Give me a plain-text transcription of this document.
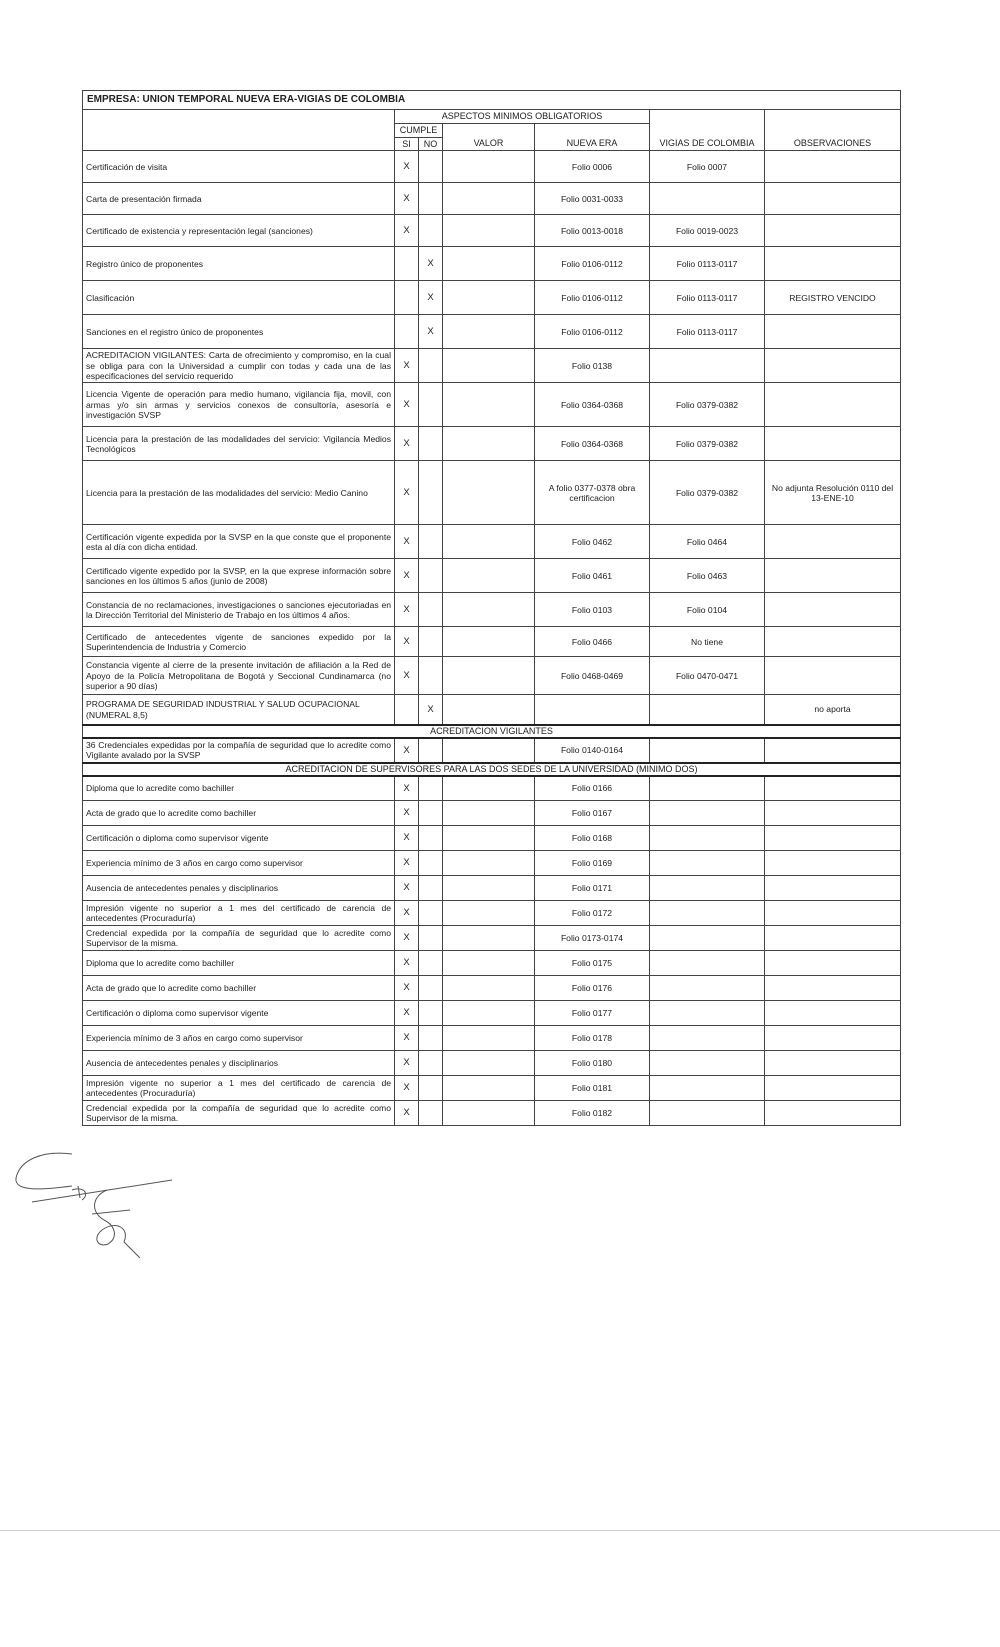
EMPRESA: UNION TEMPORAL NUEVA ERA-VIGIAS DE COLOMBIA						
	ASPECTOS MINIMOS OBLIGATORIOS					
	CUMPLE					
	SI	NO	VALOR	NUEVA ERA	VIGIAS DE COLOMBIA	OBSERVACIONES
Certificación de visita	X			Folio 0006	Folio 0007	
Carta de presentación firmada	X			Folio 0031-0033		
Certificado de existencia y representación legal (sanciones)	X			Folio 0013-0018	Folio 0019-0023	
Registro único de proponentes		X		Folio 0106-0112	Folio 0113-0117	
Clasificación		X		Folio 0106-0112	Folio 0113-0117	REGISTRO VENCIDO
Sanciones en el registro único de proponentes		X		Folio 0106-0112	Folio 0113-0117	
ACREDITACION VIGILANTES: Carta de ofrecimiento y compromiso, en la cual se obliga para con la Universidad a cumplir con todas y cada una de las especificaciones del servicio requerido	X			Folio 0138		
Licencia Vigente de operación para medio humano, vigilancia fija, movil, con armas y/o sin armas y servicios conexos de consultoría, asesoría e investigación SVSP	X			Folio 0364-0368	Folio 0379-0382	
Licencia para la prestación de las modalidades del servicio: Vigilancia Medios Tecnológicos	X			Folio 0364-0368	Folio 0379-0382	
Licencia para la prestación de las modalidades del servicio: Medio Canino	X			A folio 0377-0378 obra certificacion	Folio 0379-0382	No adjunta Resolución 0110 del 13-ENE-10
Certificación vigente expedida por la SVSP en la que conste que el proponente esta al día con dicha entidad.	X			Folio 0462	Folio 0464	
Certificado vigente expedido por la SVSP, en la que exprese información sobre sanciones en los últimos 5 años (junio de 2008)	X			Folio 0461	Folio 0463	
Constancia de no reclamaciones, investigaciones o sanciones ejecutoriadas en la Dirección Territorial del Ministerio de Trabajo en los últimos 4 años.	X			Folio 0103	Folio 0104	
Certificado de antecedentes vigente de sanciones expedido por la Superintendencia de Industria y Comercio	X			Folio 0466	No tiene	
Constancia vigente al cierre de la presente invitación de afiliación a la Red de Apoyo de la Policía Metropolitana de Bogotá y Seccional Cundinamarca (no superior a 90 días)	X			Folio 0468-0469	Folio 0470-0471	
PROGRAMA DE SEGURIDAD INDUSTRIAL Y SALUD OCUPACIONAL (NUMERAL 8,5)		X				no aporta
ACREDITACION VIGILANTES						
36 Credenciales expedidas por la compañía de seguridad que lo acredite como Vigilante avalado por la SVSP	X			Folio 0140-0164		
ACREDITACION DE SUPERVISORES PARA LAS DOS SEDES DE LA UNIVERSIDAD (MINIMO DOS)						
Diploma que lo acredite como bachiller	X			Folio 0166		
Acta de grado que lo acredite como bachiller	X			Folio 0167		
Certificación o diploma como supervisor vigente	X			Folio 0168		
Experiencia mínimo de 3 años en cargo como supervisor	X			Folio 0169		
Ausencia de antecedentes penales y disciplinarios	X			Folio 0171		
Impresión vigente no superior a 1 mes del certificado de carencia de antecedentes (Procuraduría)	X			Folio 0172		
Credencial expedida por la compañía de seguridad que lo acredite como Supervisor de la misma.	X			Folio 0173-0174		
Diploma que lo acredite como bachiller	X			Folio 0175		
Acta de grado que lo acredite como bachiller	X			Folio 0176		
Certificación o diploma como supervisor vigente	X			Folio 0177		
Experiencia mínimo de 3 años en cargo como supervisor	X			Folio 0178		
Ausencia de antecedentes penales y disciplinarios	X			Folio 0180		
Impresión vigente no superior a 1 mes del certificado de carencia de antecedentes (Procuraduría)	X			Folio 0181		
Credencial expedida por la compañía de seguridad que lo acredite como Supervisor de la misma.	X			Folio 0182		
